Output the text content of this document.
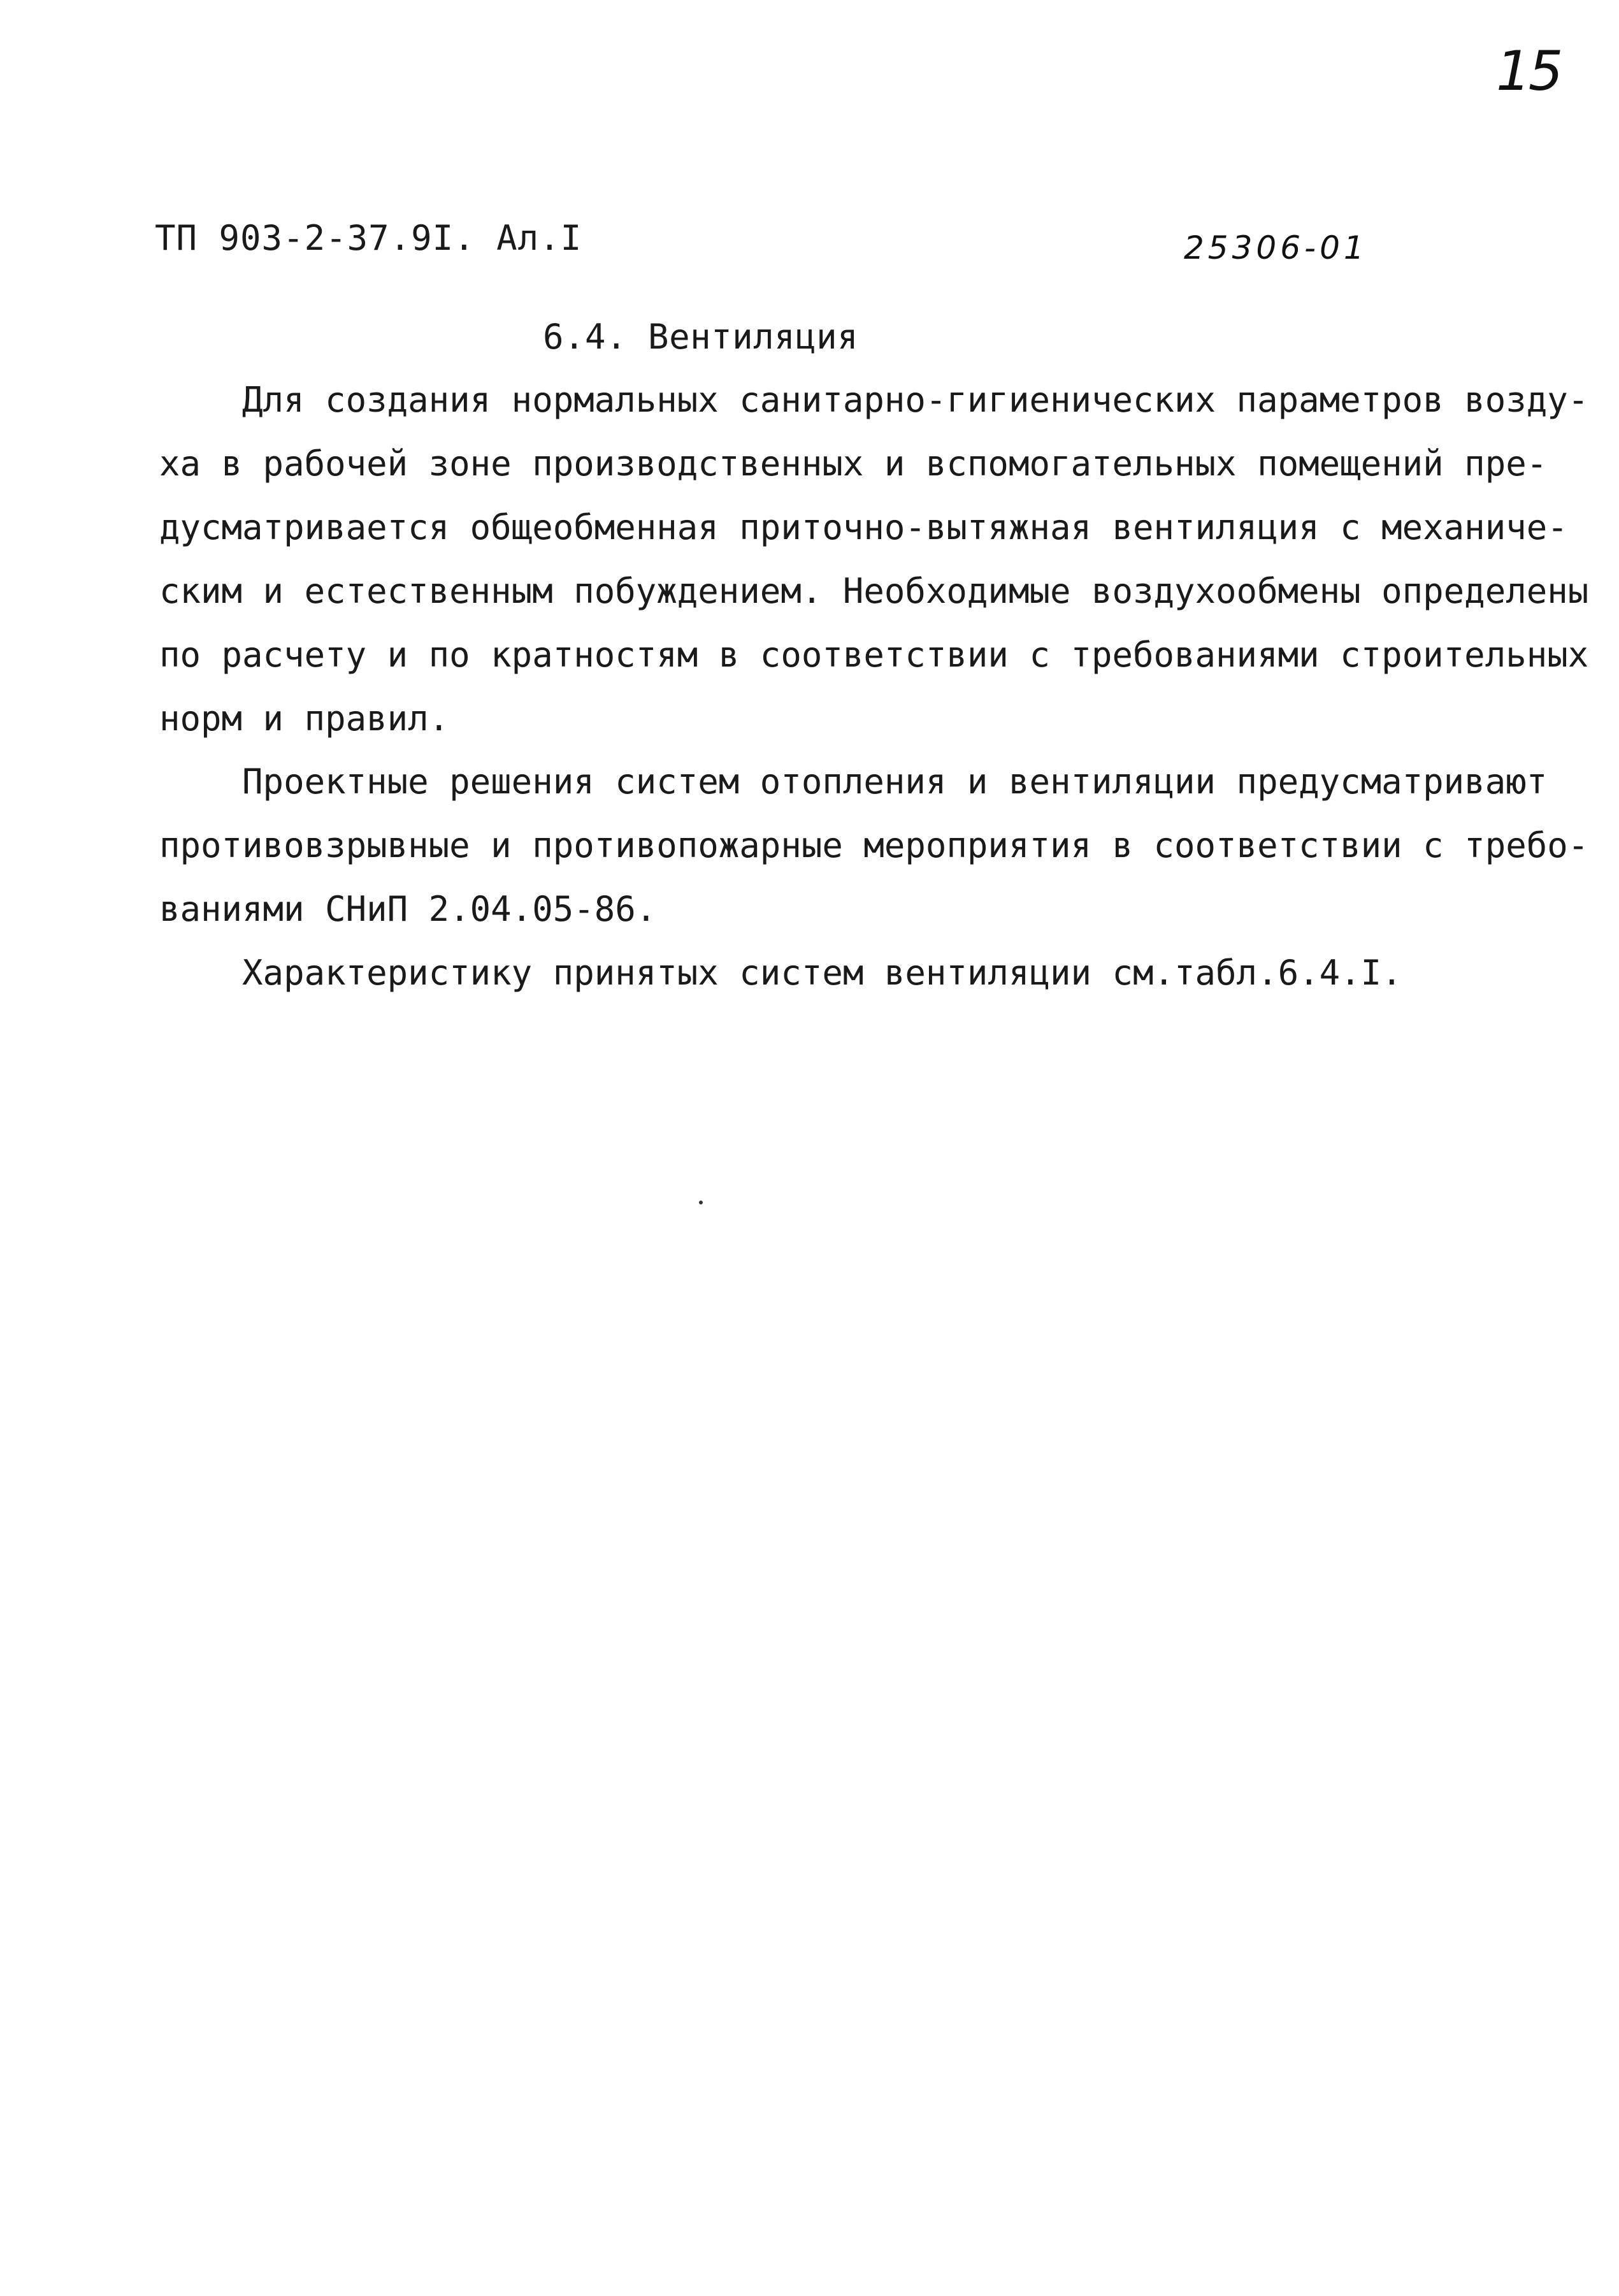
15
ТП 903-2-37.9I. Ал.I	25306-01
6.4. Вентиляция
Для создания нормальных санитарно-гигиенических параметров возду-
ха в рабочей зоне производственных и вспомогательных помещений пре-
дусматривается общеобменная приточно-вытяжная вентиляция с механиче-
ским и естественным побуждением. Необходимые воздухообмены определены
по расчету и по кратностям в соответствии с требованиями строительных
норм и правил.
Проектные решения систем отопления и вентиляции предусматривают
противовзрывные и противопожарные мероприятия в соответствии с требо-
ваниями СНиП 2.04.05-86.
Характеристику принятых систем вентиляции см.табл.6.4.I.
